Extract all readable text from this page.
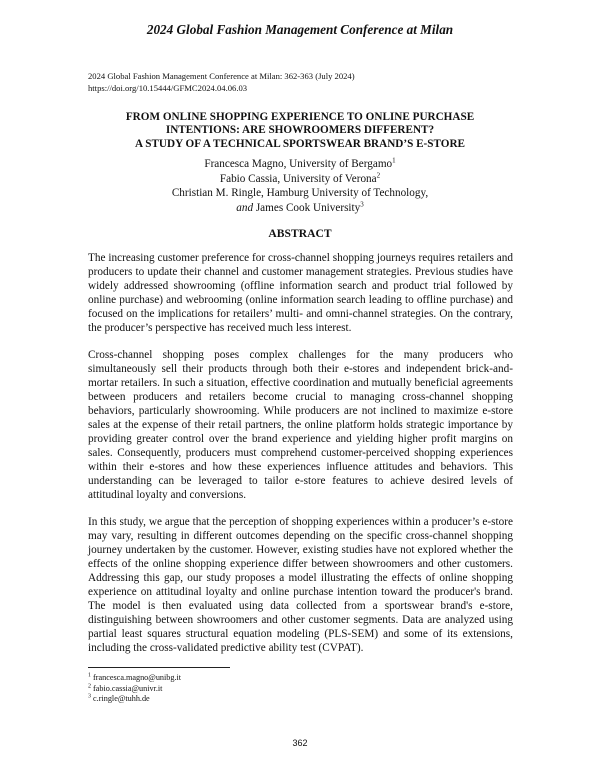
2024 Global Fashion Management Conference at Milan
2024 Global Fashion Management Conference at Milan: 362-363 (July 2024)
https://doi.org/10.15444/GFMC2024.04.06.03
FROM ONLINE SHOPPING EXPERIENCE TO ONLINE PURCHASE
INTENTIONS: ARE SHOWROOMERS DIFFERENT?
A STUDY OF A TECHNICAL SPORTSWEAR BRAND’S E-STORE
Francesca Magno, University of Bergamo$^1$
Fabio Cassia, University of Verona$^2$
Christian M. Ringle, Hamburg University of Technology,
and James Cook University$^3$
ABSTRACT

The increasing customer preference for cross-channel shopping journeys requires retailers and producers to update their channel and customer management strategies. Previous studies have widely addressed showrooming (offline information search and product trial followed by online purchase) and webrooming (online information search leading to offline purchase) and focused on the implications for retailers’ multi- and omni-channel strategies. On the contrary, the producer’s perspective has received much less interest.

Cross-channel shopping poses complex challenges for the many producers who simultaneously sell their products through both their e-stores and independent brick-and-mortar retailers. In such a situation, effective coordination and mutually beneficial agreements between producers and retailers become crucial to managing cross-channel shopping behaviors, particularly showrooming. While producers are not inclined to maximize e-store sales at the expense of their retail partners, the online platform holds strategic importance by providing greater control over the brand experience and yielding higher profit margins on sales. Consequently, producers must comprehend customer-perceived shopping experiences within their e-stores and how these experiences influence attitudes and behaviors. This understanding can be leveraged to tailor e-store features to achieve desired levels of attitudinal loyalty and conversions.

In this study, we argue that the perception of shopping experiences within a producer’s e-store may vary, resulting in different outcomes depending on the specific cross-channel shopping journey undertaken by the customer. However, existing studies have not explored whether the effects of the online shopping experience differ between showroomers and other customers. Addressing this gap, our study proposes a model illustrating the effects of online shopping experience on attitudinal loyalty and online purchase intention toward the producer's brand. The model is then evaluated using data collected from a sportswear brand's e-store, distinguishing between showroomers and other customer segments. Data are analyzed using partial least squares structural equation modeling (PLS-SEM) and some of its extensions, including the cross-validated predictive ability test (CVPAT).

$^1$ francesca.magno@unibg.it
$^2$ fabio.cassia@univr.it
$^3$ c.ringle@tuhh.de
362
